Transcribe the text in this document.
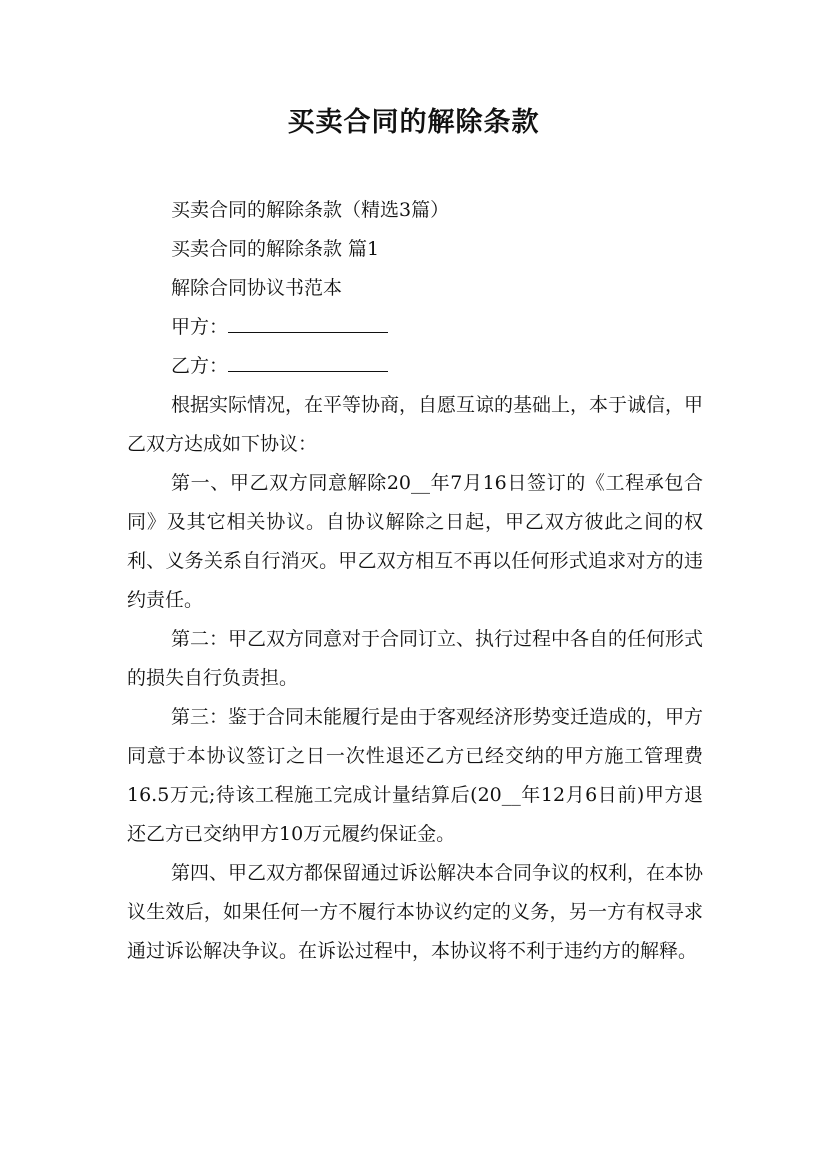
买卖合同的解除条款

买卖合同的解除条款（精选3篇）

买卖合同的解除条款 篇1

解除合同协议书范本

甲方：

乙方：

根据实际情况，在平等协商，自愿互谅的基础上，本于诚信，甲乙双方达成如下协议：

第一、甲乙双方同意解除20__年7月16日签订的《工程承包合同》及其它相关协议。自协议解除之日起，甲乙双方彼此之间的权利、义务关系自行消灭。甲乙双方相互不再以任何形式追求对方的违约责任。

第二：甲乙双方同意对于合同订立、执行过程中各自的任何形式的损失自行负责担。

第三：鉴于合同未能履行是由于客观经济形势变迁造成的，甲方同意于本协议签订之日一次性退还乙方已经交纳的甲方施工管理费16.5万元;待该工程施工完成计量结算后(20__年12月6日前)甲方退还乙方已交纳甲方10万元履约保证金。

第四、甲乙双方都保留通过诉讼解决本合同争议的权利，在本协议生效后，如果任何一方不履行本协议约定的义务，另一方有权寻求通过诉讼解决争议。在诉讼过程中，本协议将不利于违约方的解释。
